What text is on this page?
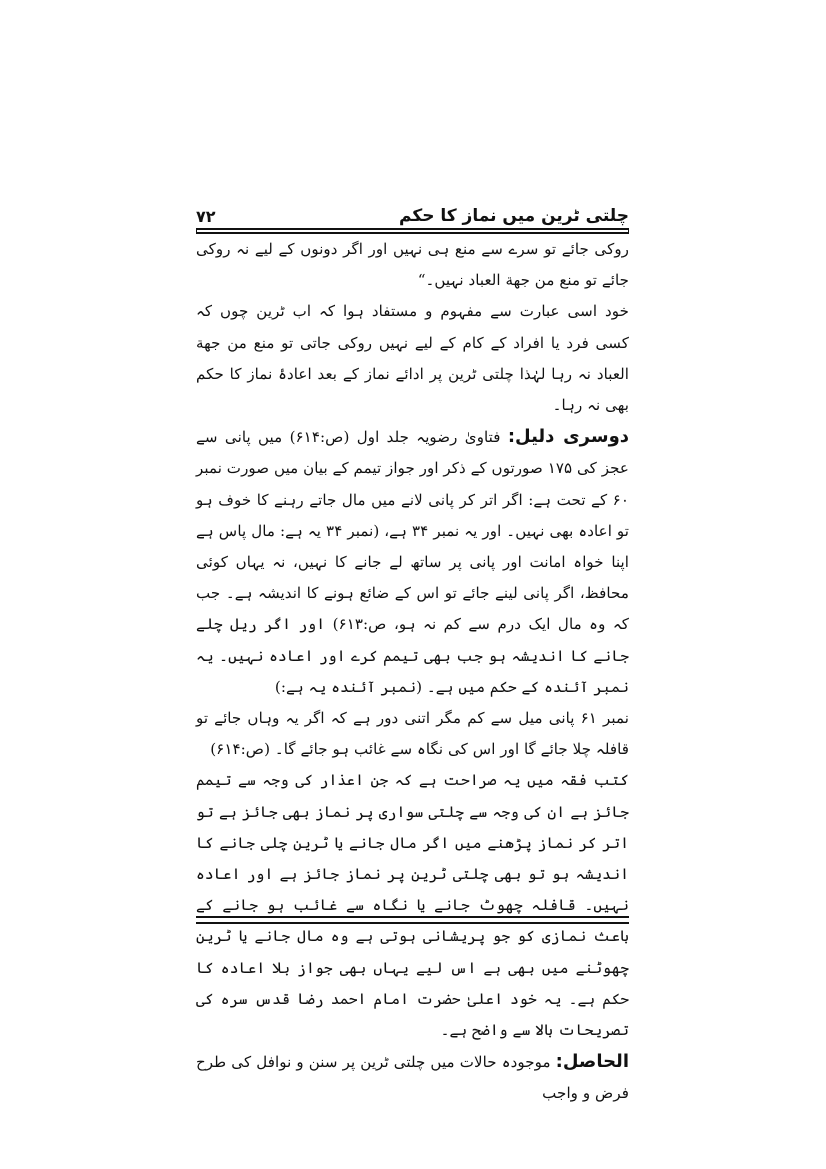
چلتی ٹرین میں نماز کا حکم
۷۲

روکی جائے تو سرے سے منع ہی نہیں اور اگر دونوں کے لیے نہ روکی جائے تو منع من جهة العباد نہیں۔“

خود اسی عبارت سے مفہوم و مستفاد ہوا کہ اب ٹرین چوں کہ کسی فرد یا افراد کے کام کے لیے نہیں روکی جاتی تو منع من جهة العباد نہ رہا لہٰذا چلتی ٹرین پر ادائے نماز کے بعد اعادۂ نماز کا حکم بھی نہ رہا۔

دوسری دلیل: فتاویٰ رضویہ جلد اول (ص:۶۱۴) میں پانی سے عجز کی ۱۷۵ صورتوں کے ذکر اور جواز تیمم کے بیان میں صورت نمبر ۶۰ کے تحت ہے: اگر اتر کر پانی لانے میں مال جاتے رہنے کا خوف ہو تو اعادہ بھی نہیں۔ اور یہ نمبر ۳۴ ہے، (نمبر ۳۴ یہ ہے: مال پاس ہے اپنا خواہ امانت اور پانی پر ساتھ لے جانے کا نہیں، نہ یہاں کوئی محافظ، اگر پانی لینے جائے تو اس کے ضائع ہونے کا اندیشہ ہے۔ جب کہ وہ مال ایک درم سے کم نہ ہو، ص:۶۱۳) اور اگر ریل چلے جانے کا اندیشہ ہو جب بھی تیمم کرے اور اعادہ نہیں۔ یہ نمبر آئندہ کے حکم میں ہے۔ (نمبر آئندہ یہ ہے:)

نمبر ۶۱ پانی میل سے کم مگر اتنی دور ہے کہ اگر یہ وہاں جائے تو قافلہ چلا جائے گا اور اس کی نگاہ سے غائب ہو جائے گا۔ (ص:۶۱۴)

کتب فقہ میں یہ صراحت ہے کہ جن اعذار کی وجہ سے تیمم جائز ہے ان کی وجہ سے چلتی سواری پر نماز بھی جائز ہے تو اتر کر نماز پڑھنے میں اگر مال جانے یا ٹرین چلی جانے کا اندیشہ ہو تو بھی چلتی ٹرین پر نماز جائز ہے اور اعادہ نہیں۔ قافلہ چھوٹ جانے یا نگاہ سے غائب ہو جانے کے باعث نمازی کو جو پریشانی ہوتی ہے وہ مال جانے یا ٹرین چھوٹنے میں بھی ہے اس لیے یہاں بھی جواز بلا اعادہ کا حکم ہے۔ یہ خود اعلیٰ حضرت امام احمد رضا قدس سرہ کی تصریحات بالا سے واضح ہے۔

الحاصل: موجودہ حالات میں چلتی ٹرین پر سنن و نوافل کی طرح فرض و واجب
